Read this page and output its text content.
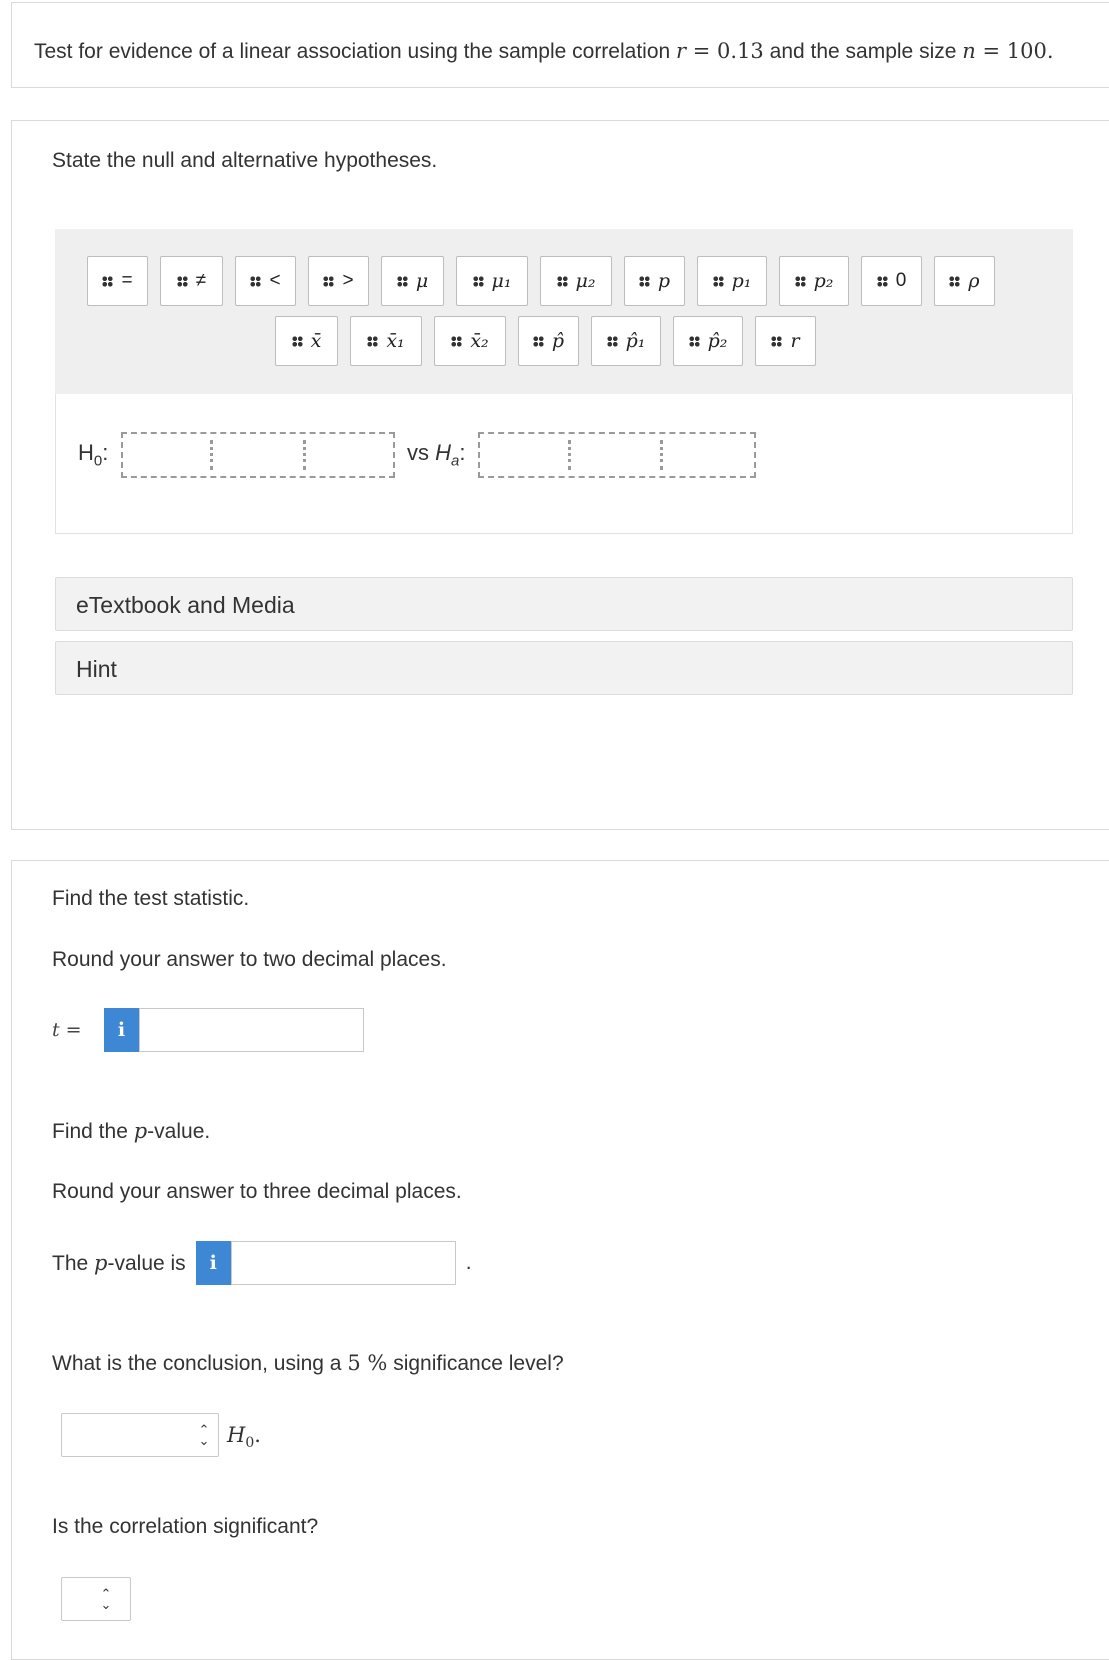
Test for evidence of a linear association using the sample correlation r = 0.13 and the sample size n = 100.
State the null and alternative hypotheses.
=	≠	<	>	μ	μ₁	μ₂	p	p₁	p₂	0	ρ
x̄	x̄₁	x̄₂	p̂	p̂₁	p̂₂	r
$H_0$:	vs $H_a$:
eTextbook and Media
Hint
Find the test statistic.
Round your answer to two decimal places.
t =	i
Find the p-value.
Round your answer to three decimal places.
The p-value is	i	.
What is the conclusion, using a 5 % significance level?
⌃
⌄ $H_0$.
Is the correlation significant?
⌃
⌄
